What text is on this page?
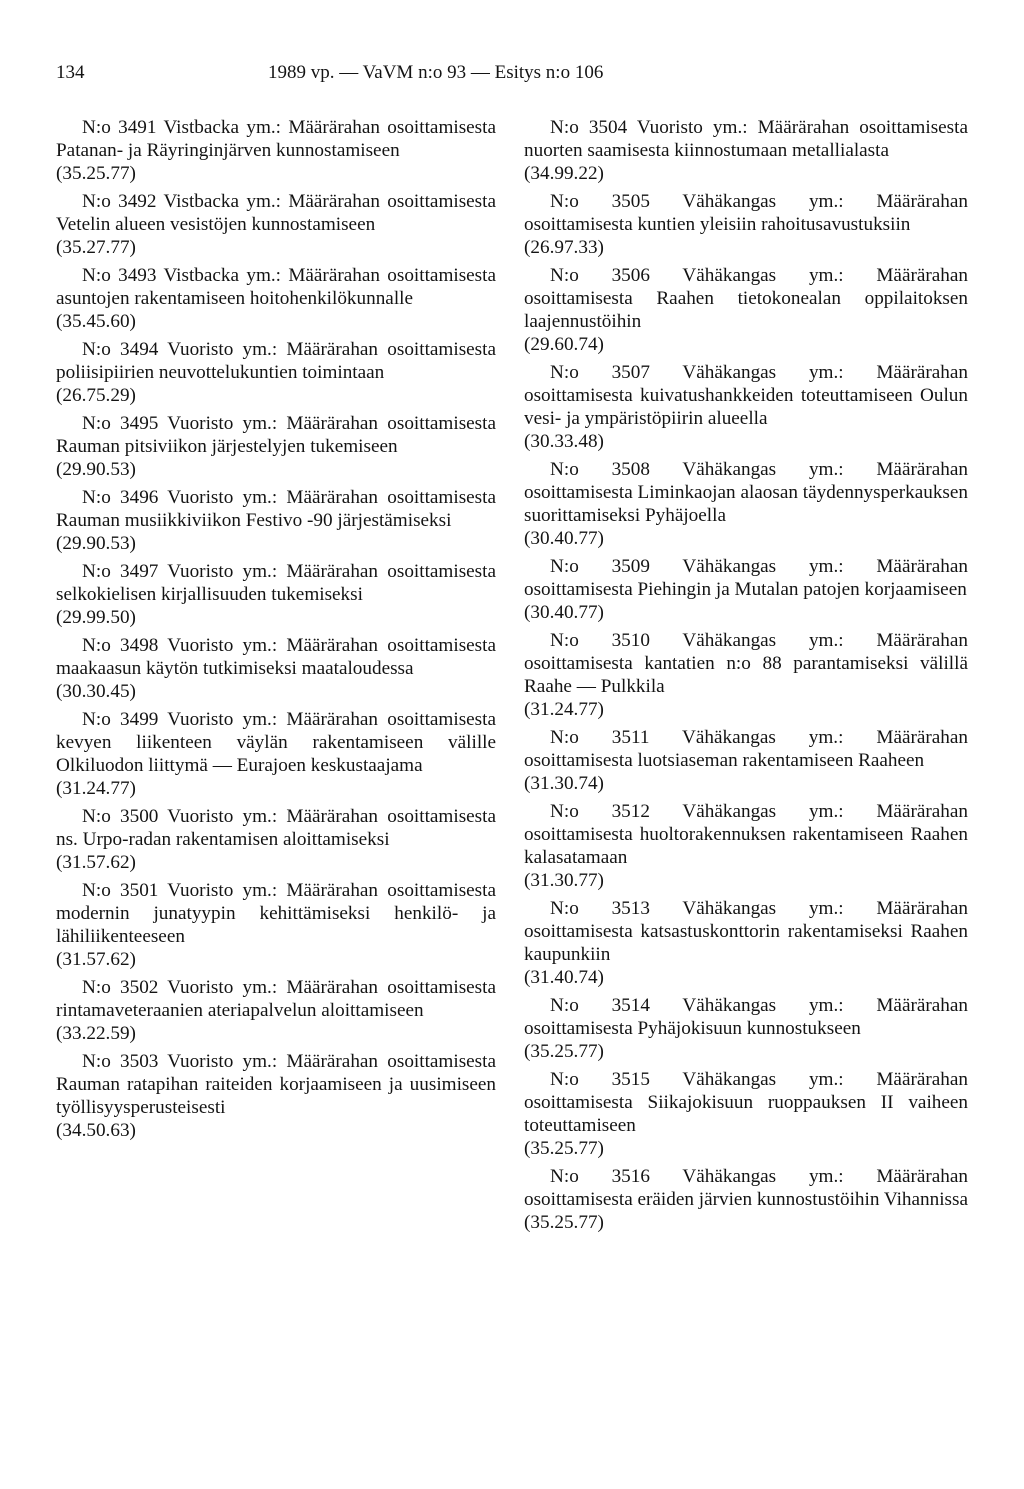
134	1989 vp. — VaVM n:o 93 — Esitys n:o 106

N:o 3491 Vistbacka ym.: Määrärahan osoittamisesta Patanan- ja Räyringinjärven kunnostamiseen

(35.25.77)

N:o 3492 Vistbacka ym.: Määrärahan osoittamisesta Vetelin alueen vesistöjen kunnostamiseen

(35.27.77)

N:o 3493 Vistbacka ym.: Määrärahan osoittamisesta asuntojen rakentamiseen hoitohenkilökunnalle

(35.45.60)

N:o 3494 Vuoristo ym.: Määrärahan osoittamisesta poliisipiirien neuvottelukuntien toimintaan

(26.75.29)

N:o 3495 Vuoristo ym.: Määrärahan osoittamisesta Rauman pitsiviikon järjestelyjen tukemiseen

(29.90.53)

N:o 3496 Vuoristo ym.: Määrärahan osoittamisesta Rauman musiikkiviikon Festivo -90 järjestämiseksi

(29.90.53)

N:o 3497 Vuoristo ym.: Määrärahan osoittamisesta selkokielisen kirjallisuuden tukemiseksi

(29.99.50)

N:o 3498 Vuoristo ym.: Määrärahan osoittamisesta maakaasun käytön tutkimiseksi maataloudessa

(30.30.45)

N:o 3499 Vuoristo ym.: Määrärahan osoittamisesta kevyen liikenteen väylän rakentamiseen välille Olkiluodon liittymä — Eurajoen keskustaajama

(31.24.77)

N:o 3500 Vuoristo ym.: Määrärahan osoittamisesta ns. Urpo-radan rakentamisen aloittamiseksi

(31.57.62)

N:o 3501 Vuoristo ym.: Määrärahan osoittamisesta modernin junatyypin kehittämiseksi henkilö- ja lähiliikenteeseen

(31.57.62)

N:o 3502 Vuoristo ym.: Määrärahan osoittamisesta rintamaveteraanien ateriapalvelun aloittamiseen

(33.22.59)

N:o 3503 Vuoristo ym.: Määrärahan osoittamisesta Rauman ratapihan raiteiden korjaamiseen ja uusimiseen työllisyysperusteisesti

(34.50.63)

N:o 3504 Vuoristo ym.: Määrärahan osoittamisesta nuorten saamisesta kiinnostumaan metallialasta

(34.99.22)

N:o 3505 Vähäkangas ym.: Määrärahan osoittamisesta kuntien yleisiin rahoitusavustuksiin

(26.97.33)

N:o 3506 Vähäkangas ym.: Määrärahan osoittamisesta Raahen tietokonealan oppilaitoksen laajennustöihin

(29.60.74)

N:o 3507 Vähäkangas ym.: Määrärahan osoittamisesta kuivatushankkeiden toteuttamiseen Oulun vesi- ja ympäristöpiirin alueella

(30.33.48)

N:o 3508 Vähäkangas ym.: Määrärahan osoittamisesta Liminkaojan alaosan täydennysperkauksen suorittamiseksi Pyhäjoella

(30.40.77)

N:o 3509 Vähäkangas ym.: Määrärahan osoittamisesta Piehingin ja Mutalan patojen korjaamiseen

(30.40.77)

N:o 3510 Vähäkangas ym.: Määrärahan osoittamisesta kantatien n:o 88 parantamiseksi välillä Raahe — Pulkkila

(31.24.77)

N:o 3511 Vähäkangas ym.: Määrärahan osoittamisesta luotsiaseman rakentamiseen Raaheen

(31.30.74)

N:o 3512 Vähäkangas ym.: Määrärahan osoittamisesta huoltorakennuksen rakentamiseen Raahen kalasatamaan

(31.30.77)

N:o 3513 Vähäkangas ym.: Määrärahan osoittamisesta katsastuskonttorin rakentamiseksi Raahen kaupunkiin

(31.40.74)

N:o 3514 Vähäkangas ym.: Määrärahan osoittamisesta Pyhäjokisuun kunnostukseen

(35.25.77)

N:o 3515 Vähäkangas ym.: Määrärahan osoittamisesta Siikajokisuun ruoppauksen II vaiheen toteuttamiseen

(35.25.77)

N:o 3516 Vähäkangas ym.: Määrärahan osoittamisesta eräiden järvien kunnostustöihin Vihannissa

(35.25.77)
